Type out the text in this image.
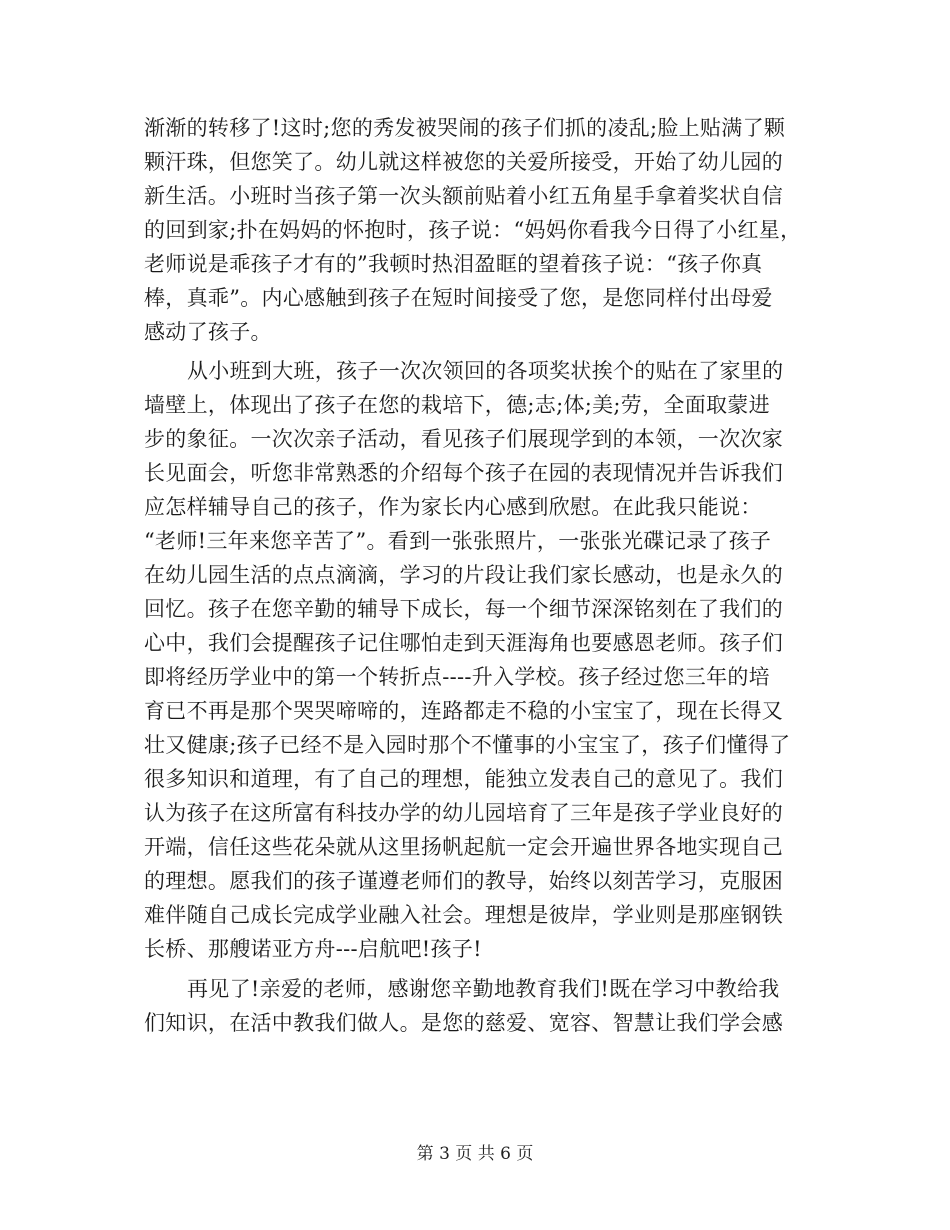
渐渐的转移了!这时;您的秀发被哭闹的孩子们抓的凌乱;脸上贴满了颗
颗汗珠，但您笑了。幼儿就这样被您的关爱所接受，开始了幼儿园的
新生活。小班时当孩子第一次头额前贴着小红五角星手拿着奖状自信
的回到家;扑在妈妈的怀抱时，孩子说：“妈妈你看我今日得了小红星，
老师说是乖孩子才有的”我顿时热泪盈眶的望着孩子说：“孩子你真
棒，真乖”。内心感触到孩子在短时间接受了您，是您同样付出母爱
感动了孩子。
从小班到大班，孩子一次次领回的各项奖状挨个的贴在了家里的
墙壁上，体现出了孩子在您的栽培下，德;志;体;美;劳，全面取蒙进
步的象征。一次次亲子活动，看见孩子们展现学到的本领，一次次家
长见面会，听您非常熟悉的介绍每个孩子在园的表现情况并告诉我们
应怎样辅导自己的孩子，作为家长内心感到欣慰。在此我只能说：
“老师!三年来您辛苦了”。看到一张张照片，一张张光碟记录了孩子
在幼儿园生活的点点滴滴，学习的片段让我们家长感动，也是永久的
回忆。孩子在您辛勤的辅导下成长，每一个细节深深铭刻在了我们的
心中，我们会提醒孩子记住哪怕走到天涯海角也要感恩老师。孩子们
即将经历学业中的第一个转折点----升入学校。孩子经过您三年的培
育已不再是那个哭哭啼啼的，连路都走不稳的小宝宝了，现在长得又
壮又健康;孩子已经不是入园时那个不懂事的小宝宝了，孩子们懂得了
很多知识和道理，有了自己的理想，能独立发表自己的意见了。我们
认为孩子在这所富有科技办学的幼儿园培育了三年是孩子学业良好的
开端，信任这些花朵就从这里扬帆起航一定会开遍世界各地实现自己
的理想。愿我们的孩子谨遵老师们的教导，始终以刻苦学习，克服困
难伴随自己成长完成学业融入社会。理想是彼岸，学业则是那座钢铁
长桥、那艘诺亚方舟---启航吧!孩子!
再见了!亲爱的老师，感谢您辛勤地教育我们!既在学习中教给我
们知识，在活中教我们做人。是您的慈爱、宽容、智慧让我们学会感
第 3 页 共 6 页
